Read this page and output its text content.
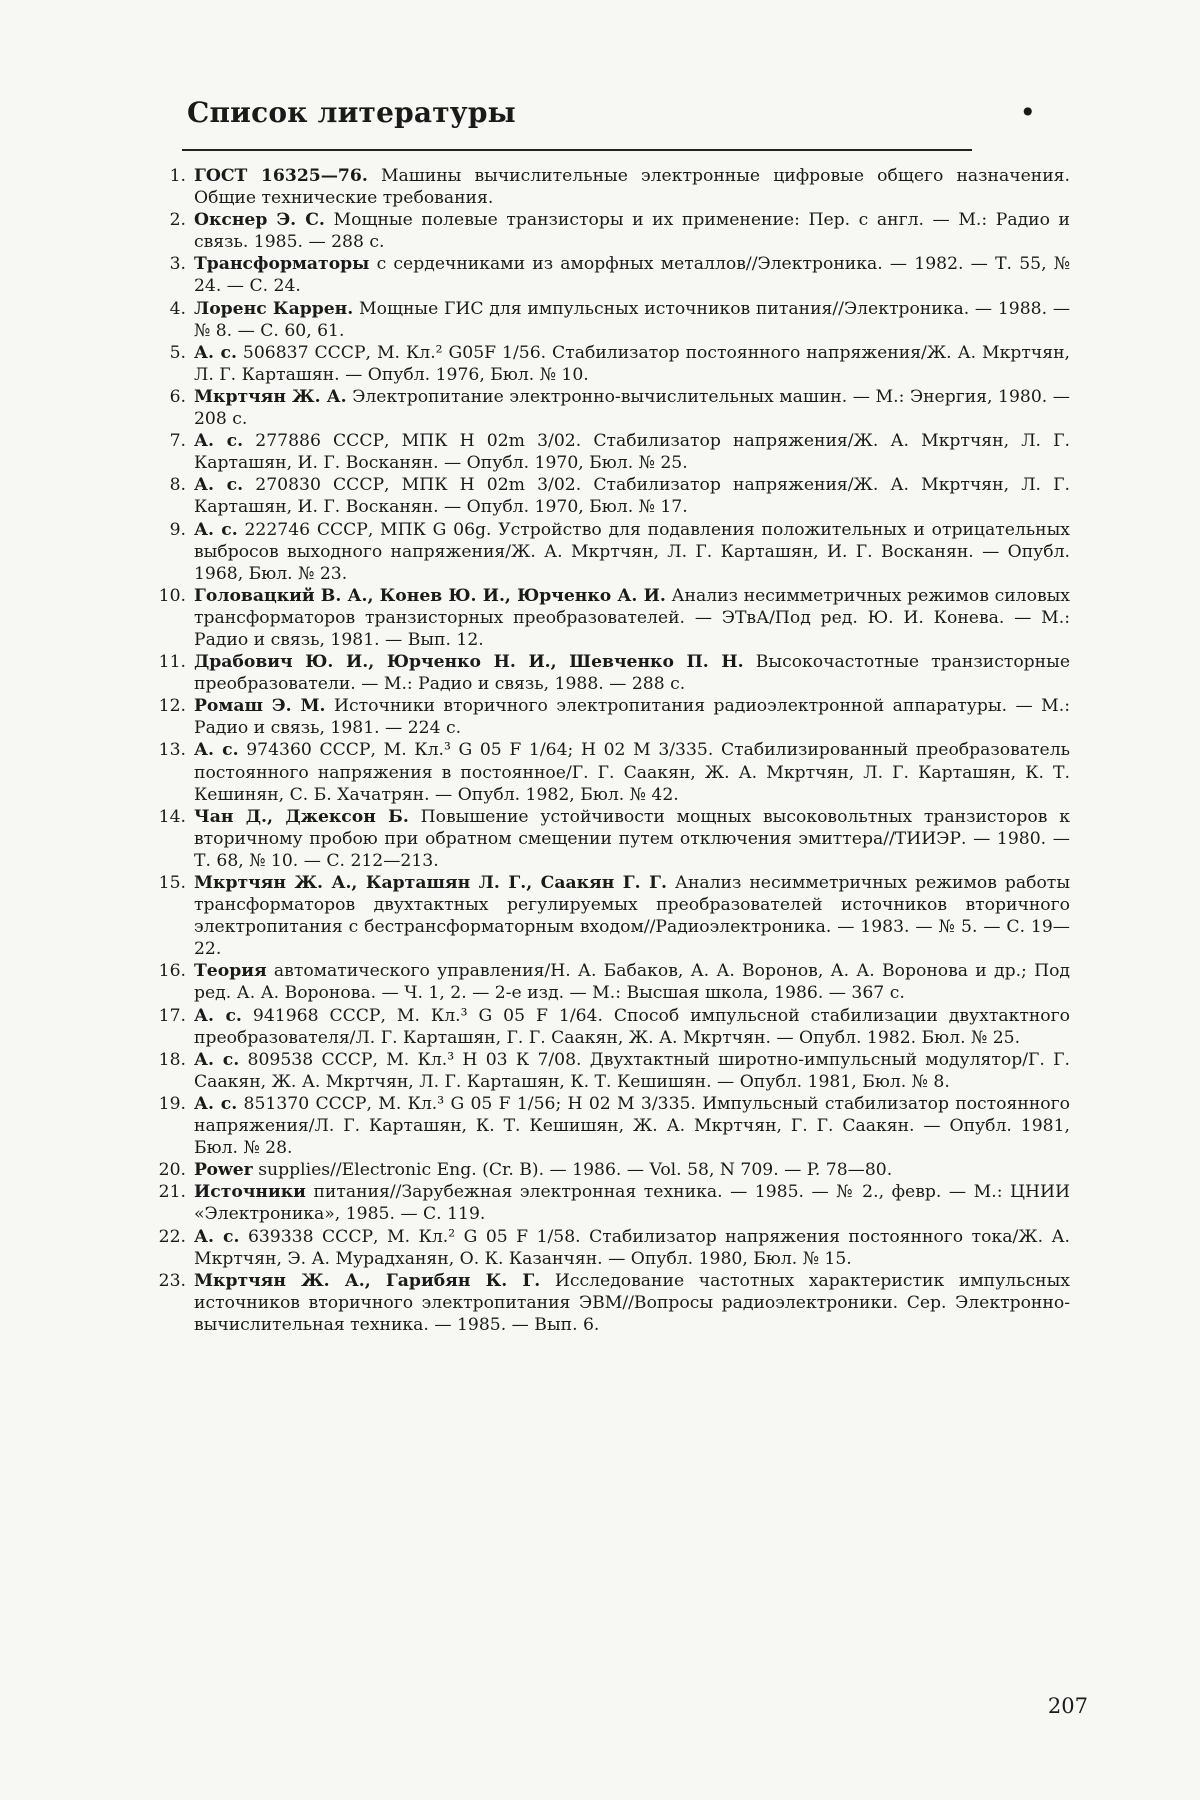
Список литературы	•
1. ГОСТ 16325—76. Машины вычислительные электронные цифровые общего назначения. Общие технические требования.
2. Окснер Э. С. Мощные полевые транзисторы и их применение: Пер. с англ. — М.: Радио и связь. 1985. — 288 с.
3. Трансформаторы с сердечниками из аморфных металлов//Электроника. — 1982. — Т. 55, № 24. — С. 24.
4. Лоренс Каррен. Мощные ГИС для импульсных источников питания//Электроника. — 1988. — № 8. — С. 60, 61.
5. А. с. 506837 СССР, М. Кл.² G05F 1/56. Стабилизатор постоянного напряжения/Ж. А. Мкртчян, Л. Г. Карташян. — Опубл. 1976, Бюл. № 10.
6. Мкртчян Ж. А. Электропитание электронно-вычислительных машин. — М.: Энергия, 1980. — 208 с.
7. А. с. 277886 СССР, МПК Н 02m 3/02. Стабилизатор напряжения/Ж. А. Мкртчян, Л. Г. Карташян, И. Г. Восканян. — Опубл. 1970, Бюл. № 25.
8. А. с. 270830 СССР, МПК Н 02m 3/02. Стабилизатор напряжения/Ж. А. Мкртчян, Л. Г. Карташян, И. Г. Восканян. — Опубл. 1970, Бюл. № 17.
9. А. с. 222746 СССР, МПК G 06g. Устройство для подавления положительных и отрицательных выбросов выходного напряжения/Ж. А. Мкртчян, Л. Г. Карташян, И. Г. Восканян. — Опубл. 1968, Бюл. № 23.
10. Головацкий В. А., Конев Ю. И., Юрченко А. И. Анализ несимметричных режимов силовых трансформаторов транзисторных преобразователей. — ЭТвА/Под ред. Ю. И. Конева. — М.: Радио и связь, 1981. — Вып. 12.
11. Драбович Ю. И., Юрченко Н. И., Шевченко П. Н. Высокочастотные транзисторные преобразователи. — М.: Радио и связь, 1988. — 288 с.
12. Ромаш Э. М. Источники вторичного электропитания радиоэлектронной аппаратуры. — М.: Радио и связь, 1981. — 224 с.
13. А. с. 974360 СССР, М. Кл.³ G 05 F 1/64; Н 02 М 3/335. Стабилизированный преобразователь постоянного напряжения в постоянное/Г. Г. Саакян, Ж. А. Мкртчян, Л. Г. Карташян, К. Т. Кешинян, С. Б. Хачатрян. — Опубл. 1982, Бюл. № 42.
14. Чан Д., Джексон Б. Повышение устойчивости мощных высоковольтных транзисторов к вторичному пробою при обратном смещении путем отключения эмиттера//ТИИЭР. — 1980. — Т. 68, № 10. — С. 212—213.
15. Мкртчян Ж. А., Карташян Л. Г., Саакян Г. Г. Анализ несимметричных режимов работы трансформаторов двухтактных регулируемых преобразователей источников вторичного электропитания с бестрансформаторным входом//Радиоэлектроника. — 1983. — № 5. — С. 19—22.
16. Теория автоматического управления/Н. А. Бабаков, А. А. Воронов, А. А. Воронова и др.; Под ред. А. А. Воронова. — Ч. 1, 2. — 2-е изд. — М.: Высшая школа, 1986. — 367 с.
17. А. с. 941968 СССР, М. Кл.³ G 05 F 1/64. Способ импульсной стабилизации двухтактного преобразователя/Л. Г. Карташян, Г. Г. Саакян, Ж. А. Мкртчян. — Опубл. 1982. Бюл. № 25.
18. А. с. 809538 СССР, М. Кл.³ Н 03 К 7/08. Двухтактный широтно-импульсный модулятор/Г. Г. Саакян, Ж. А. Мкртчян, Л. Г. Карташян, К. Т. Кешишян. — Опубл. 1981, Бюл. № 8.
19. А. с. 851370 СССР, М. Кл.³ G 05 F 1/56; Н 02 М 3/335. Импульсный стабилизатор постоянного напряжения/Л. Г. Карташян, К. Т. Кешишян, Ж. А. Мкртчян, Г. Г. Саакян. — Опубл. 1981, Бюл. № 28.
20. Power supplies//Electronic Eng. (Cr. B). — 1986. — Vol. 58, N 709. — P. 78—80.
21. Источники питания//Зарубежная электронная техника. — 1985. — № 2., февр. — М.: ЦНИИ «Электроника», 1985. — С. 119.
22. А. с. 639338 СССР, М. Кл.² G 05 F 1/58. Стабилизатор напряжения постоянного тока/Ж. А. Мкртчян, Э. А. Мурадханян, О. К. Казанчян. — Опубл. 1980, Бюл. № 15.
23. Мкртчян Ж. А., Гарибян К. Г. Исследование частотных характеристик импульсных источников вторичного электропитания ЭВМ//Вопросы радиоэлектроники. Сер. Электронно-вычислительная техника. — 1985. — Вып. 6.
207
